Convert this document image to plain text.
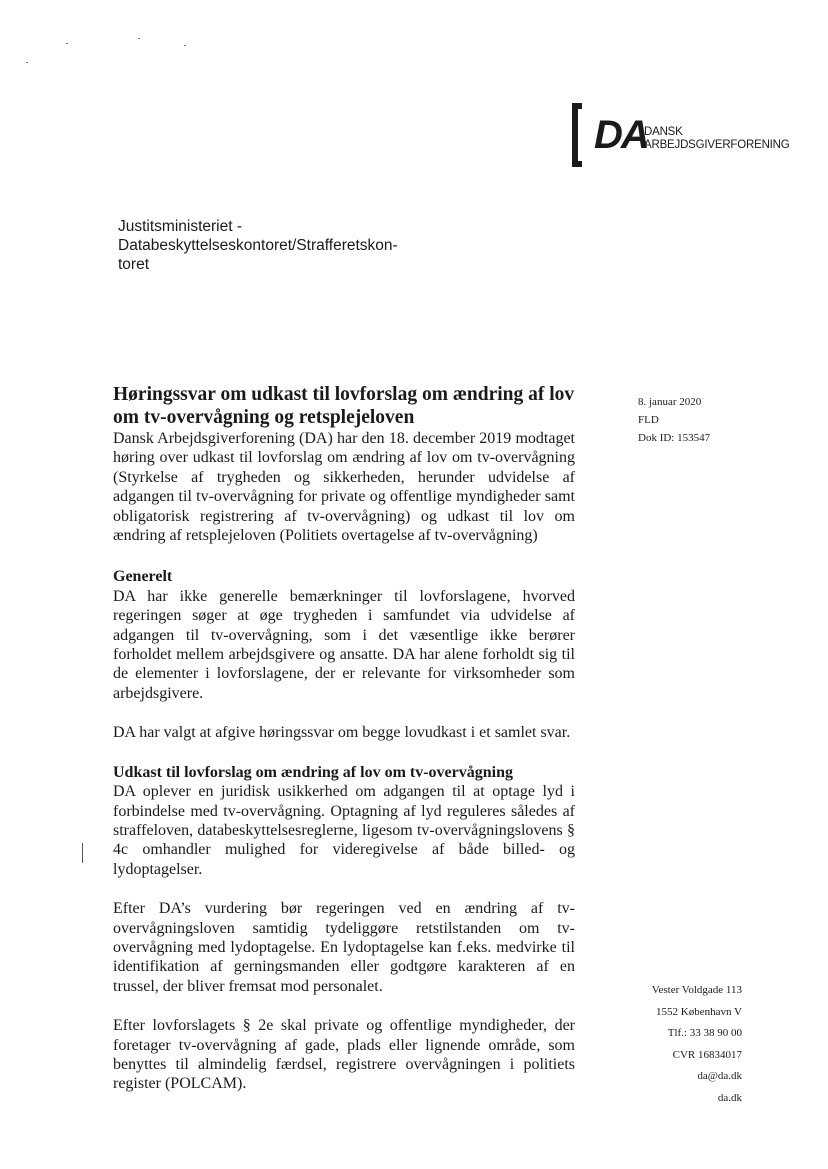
DA
DANSK
ARBEJDSGIVERFORENING
Justitsministeriet - Databeskyttelseskontoret/Strafferetskon-
toret
Høringssvar om udkast til lovforslag om ændring af lov
om tv-overvågning og retsplejeloven

Dansk Arbejdsgiverforening (DA) har den 18. december 2019 modtaget høring over udkast til lovforslag om ændring af lov om tv-overvågning (Styrkelse af trygheden og sikkerheden, herunder udvidelse af adgangen til tv-overvågning for private og offentlige myndigheder samt obligatorisk registrering af tv-overvågning) og udkast til lov om ændring af retsplejeloven (Politiets overtagelse af tv-overvågning)

Generelt

DA har ikke generelle bemærkninger til lovforslagene, hvorved regeringen søger at øge trygheden i samfundet via udvidelse af adgangen til tv-overvågning, som i det væsentlige ikke berører forholdet mellem arbejdsgivere og ansatte. DA har alene forholdt sig til de elementer i lovforslagene, der er relevante for virksomheder som arbejdsgivere.

DA har valgt at afgive høringssvar om begge lovudkast i et samlet svar.

Udkast til lovforslag om ændring af lov om tv-overvågning

DA oplever en juridisk usikkerhed om adgangen til at optage lyd i forbindelse med tv-overvågning. Optagning af lyd reguleres således af straffeloven, databeskyttelsesreglerne, ligesom tv-overvågningslovens § 4c omhandler mulighed for videregivelse af både billed- og lydoptagelser.

Efter DA’s vurdering bør regeringen ved en ændring af tv-overvågningsloven samtidig tydeliggøre retstilstanden om tv-overvågning med lydoptagelse. En lydoptagelse kan f.eks. medvirke til identifikation af gerningsmanden eller godtgøre karakteren af en trussel, der bliver fremsat mod personalet.

Efter lovforslagets § 2e skal private og offentlige myndigheder, der foretager tv-overvågning af gade, plads eller lignende område, som benyttes til almindelig færdsel, registrere overvågningen i politiets register (POLCAM).

8. januar 2020
FLD
Dok ID: 153547
Vester Voldgade 113
1552 København V
Tlf.: 33 38 90 00
CVR 16834017
da@da.dk
da.dk
